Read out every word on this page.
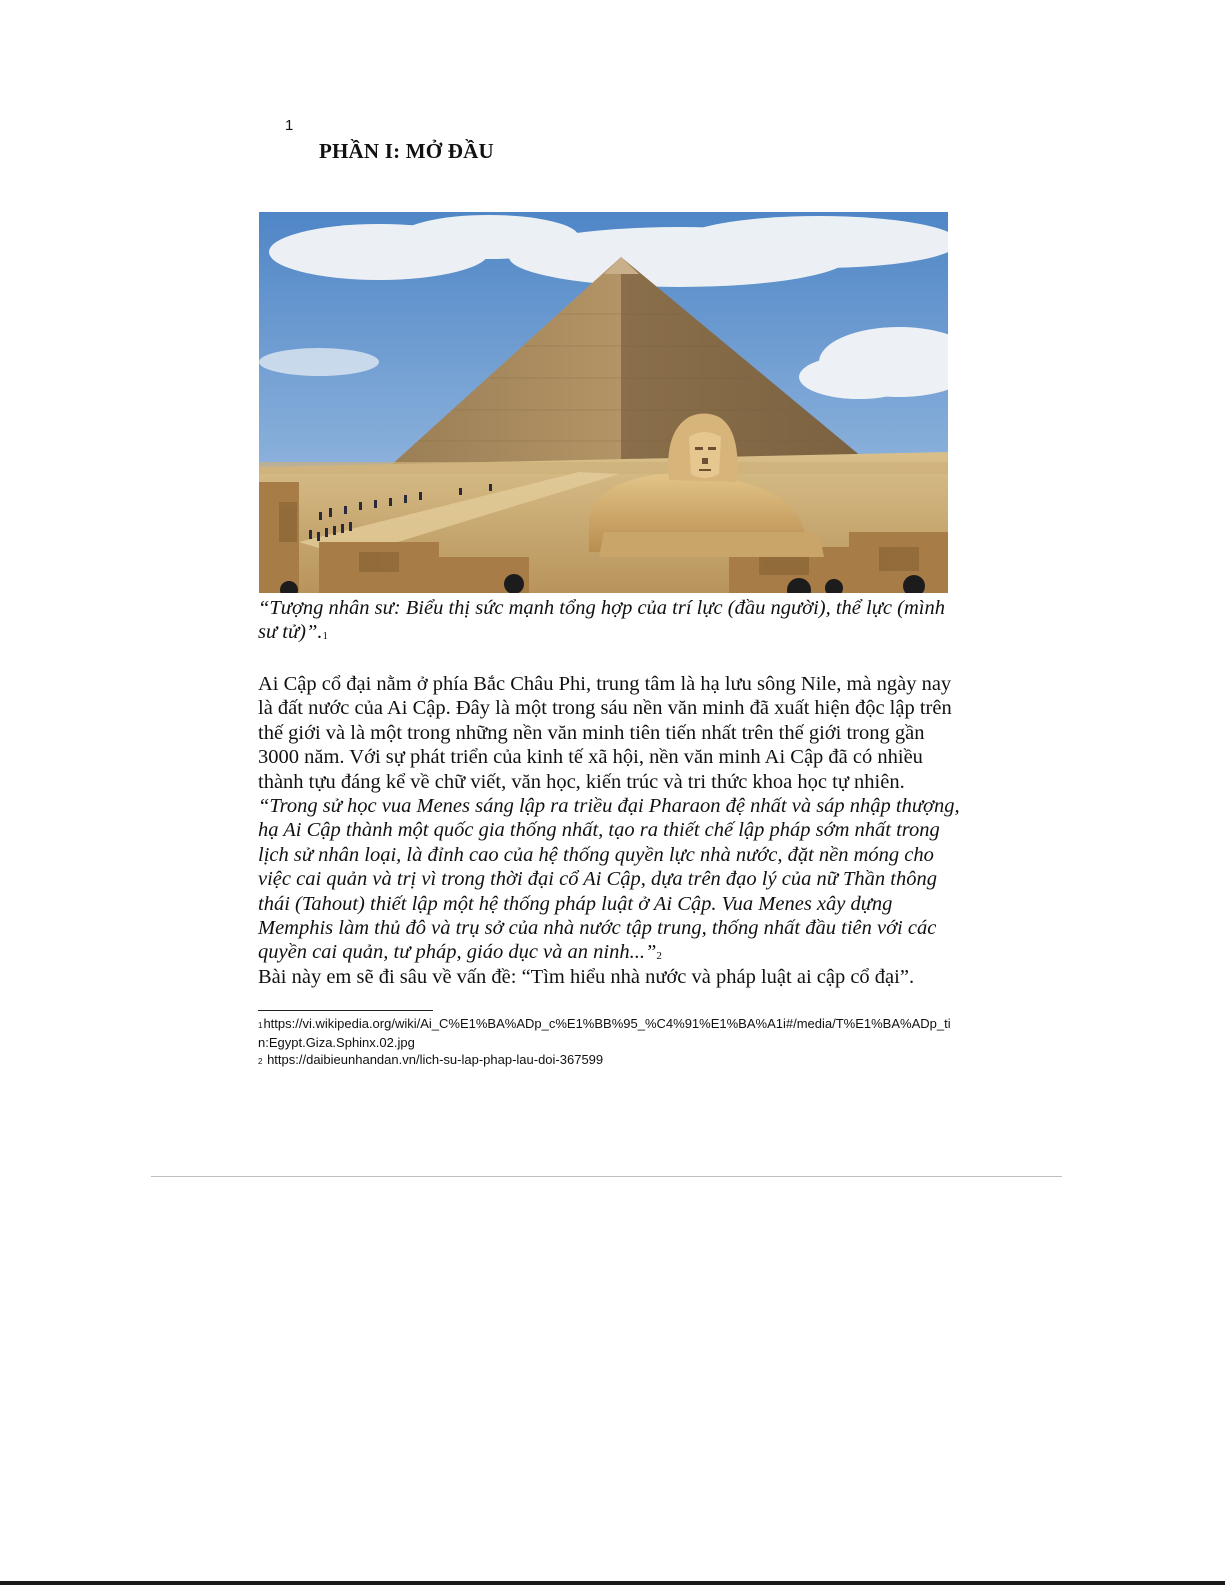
1
PHẦN I: MỞ ĐẦU
“Tượng nhân sư: Biểu thị sức mạnh tổng hợp của trí lực (đầu người), thể lực (mình sư tử)”.$^1$
Ai Cập cổ đại nằm ở phía Bắc Châu Phi, trung tâm là hạ lưu sông Nile, mà ngày nay là đất nước của Ai Cập. Đây là một trong sáu nền văn minh đã xuất hiện độc lập trên thế giới và là một trong những nền văn minh tiên tiến nhất trên thế giới trong gần 3000 năm. Với sự phát triển của kinh tế xã hội, nền văn minh Ai Cập đã có nhiều thành tựu đáng kể về chữ viết, văn học, kiến trúc và tri thức khoa học tự nhiên. “Trong sử học vua Menes sáng lập ra triều đại Pharaon đệ nhất và sáp nhập thượng, hạ Ai Cập thành một quốc gia thống nhất, tạo ra thiết chế lập pháp sớm nhất trong lịch sử nhân loại, là đỉnh cao của hệ thống quyền lực nhà nước, đặt nền móng cho việc cai quản và trị vì trong thời đại cổ Ai Cập, dựa trên đạo lý của nữ Thần thông thái (Tahout) thiết lập một hệ thống pháp luật ở Ai Cập. Vua Menes xây dựng Memphis làm thủ đô và trụ sở của nhà nước tập trung, thống nhất đầu tiên với các quyền cai quản, tư pháp, giáo dục và an ninh...”$^2$
Bài này em sẽ đi sâu về vấn đề: “Tìm hiểu nhà nước và pháp luật ai cập cổ đại”.
1https://vi.wikipedia.org/wiki/Ai_C%E1%BA%ADp_c%E1%BB%95_%C4%91%E1%BA%A1i#/media/T%E1%BA%ADp_tin:Egypt.Giza.Sphinx.02.jpg
2 https://daibieunhandan.vn/lich-su-lap-phap-lau-doi-367599
